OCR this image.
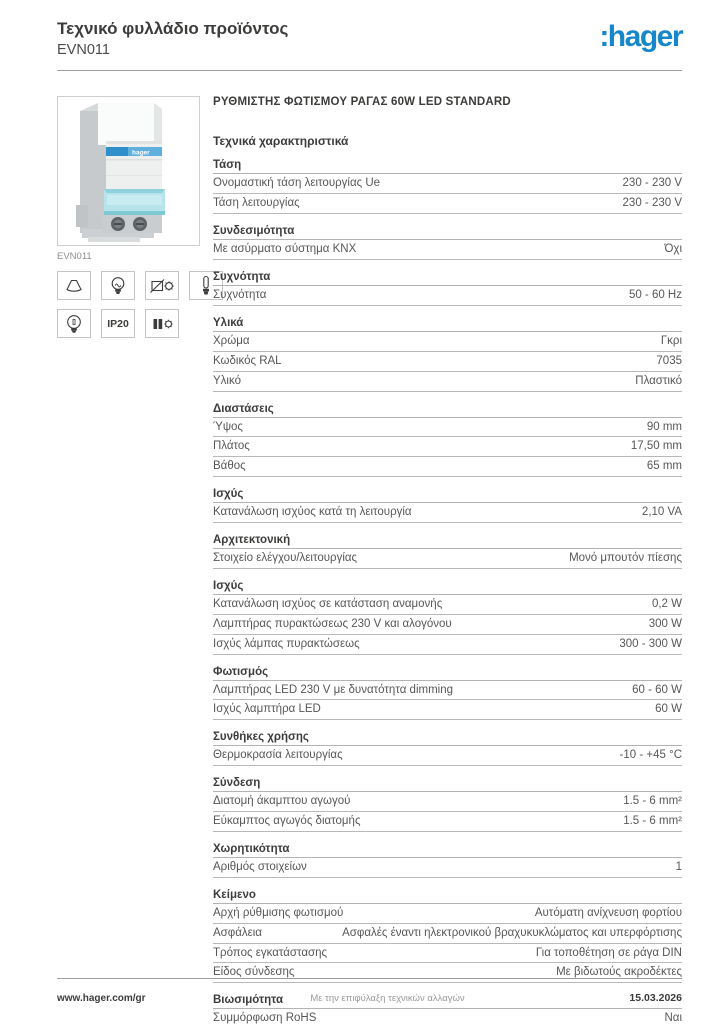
Τεχνικό φυλλάδιο προϊόντος
EVN011	:hager
hager
EVN011
IP20
ΡΥΘΜΙΣΤΗΣ ΦΩΤΙΣΜΟΥ ΡΑΓΑΣ 60W LED STANDARD
Τεχνικά χαρακτηριστικά
Τάση
Ονομαστική τάση λειτουργίας Ue	230 - 230 V
Τάση λειτουργίας	230 - 230 V
Συνδεσιμότητα
Με ασύρματο σύστημα KNX	Όχι
Συχνότητα
Συχνότητα	50 - 60 Hz
Υλικά
Χρώμα	Γκρι
Κωδικός RAL	7035
Υλικό	Πλαστικό
Διαστάσεις
Ύψος	90 mm
Πλάτος	17,50 mm
Βάθος	65 mm
Ισχύς
Κατανάλωση ισχύος κατά τη λειτουργία	2,10 VA
Αρχιτεκτονική
Στοιχείο ελέγχου/λειτουργίας	Μονό μπουτόν πίεσης
Ισχύς
Κατανάλωση ισχύος σε κατάσταση αναμονής	0,2 W
Λαμπτήρας πυρακτώσεως 230 V και αλογόνου	300 W
Ισχύς λάμπας πυρακτώσεως	300 - 300 W
Φωτισμός
Λαμπτήρας LED 230 V με δυνατότητα dimming	60 - 60 W
Ισχύς λαμπτήρα LED	60 W
Συνθήκες χρήσης
Θερμοκρασία λειτουργίας	-10 - +45 °C
Σύνδεση
Διατομή άκαμπτου αγωγού	1.5 - 6 mm²
Εύκαμπτος αγωγός διατομής	1.5 - 6 mm²
Χωρητικότητα
Αριθμός στοιχείων	1
Κείμενο
Αρχή ρύθμισης φωτισμού	Αυτόματη ανίχνευση φορτίου
Ασφάλεια	Ασφαλές έναντι ηλεκτρονικού βραχυκυκλώματος και υπερφόρτισης
Τρόπος εγκατάστασης	Για τοποθέτηση σε ράγα DIN
Είδος σύνδεσης	Με βιδωτούς ακροδέκτες
Βιωσιμότητα
Συμμόρφωση RoHS	Ναι
www.hager.com/gr	Με την επιφύλαξη τεχνικών αλλαγών	15.03.2026
